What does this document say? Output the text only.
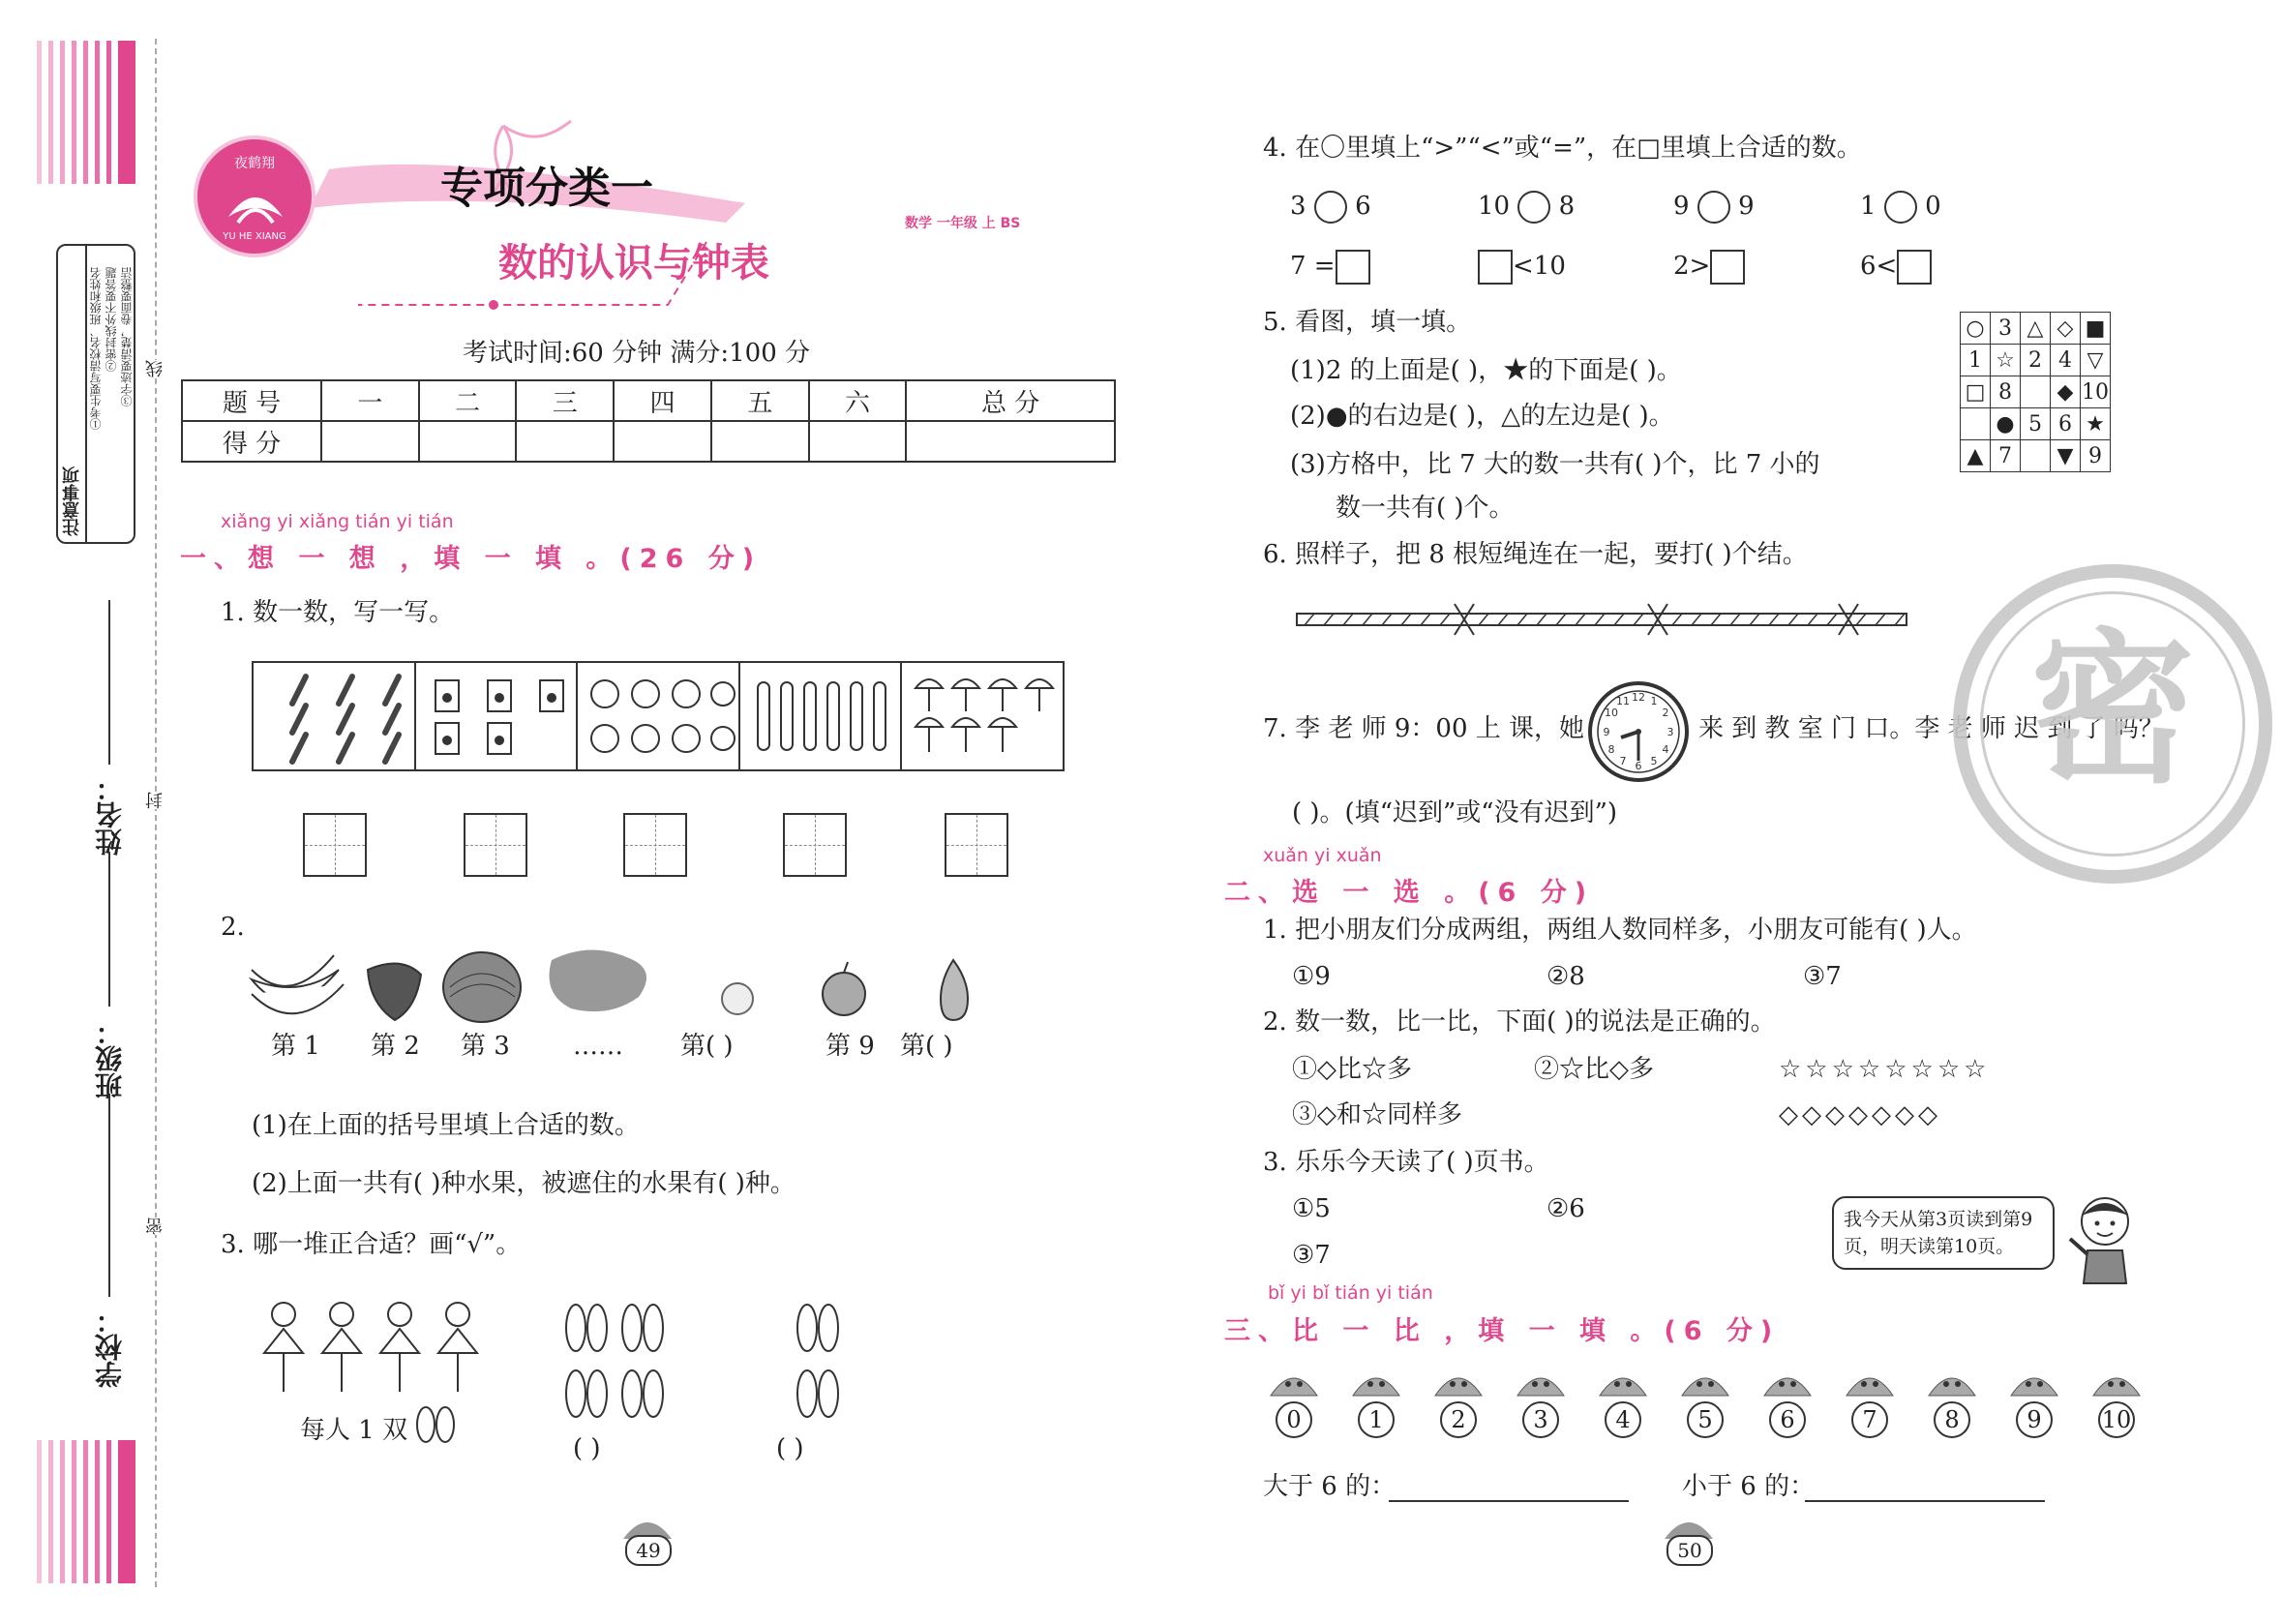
注意事项
①考生要写清校名、班级和姓名 ②密封线外不要答题 ③字迹要清楚，卷面要整洁 线
封
密
姓名：
班级：
学校：
夜鹤翔
YU HE XIANG
专项分类一
数的认识与钟表
数学 一年级 上 BS
考试时间:60 分钟 满分:100 分
题 号	一	二	三	四	五	六	总 分
得 分							
xiǎng yi xiǎng tián yi tián
一、想 一 想 ，填 一 填 。(26 分)
1. 数一数，写一写。
2.
第 1 第 2 第 3	…… 第( )	第 9 第( )
(1)在上面的括号里填上合适的数。
(2)上面一共有( )种水果，被遮住的水果有( )种。
3. 哪一堆正合适？画“√”。
每人 1 双
( )	( )
49
4. 在〇里填上“>”“<”或“=”，在□里填上合适的数。
3 6	10 8	9 9	1 0
7 =	<10	2>	6<
5. 看图，填一填。
(1)2 的上面是( )，★的下面是( )。
(2)●的右边是( )，△的左边是( )。
(3)方格中，比 7 大的数一共有( )个，比 7 小的
数一共有( )个。
○	3	△	◇	■
1	☆	2	4	▽
□	8		◆	10
	●	5	6	★
▲	7		▼	9
6. 照样子，把 8 根短绳连在一起，要打( )个结。
7. 李 老 师 9：00 上 课，她
12 1
2
3
4
5
6
7
8
9
10
11
来 到 教 室 门 口。李 老 师 迟 到 了 吗？
( )。(填“迟到”或“没有迟到”)
xuǎn yi xuǎn
二、选 一 选 。(6 分)
1. 把小朋友们分成两组，两组人数同样多，小朋友可能有( )人。
①9	②8	③7
2. 数一数，比一比，下面( )的说法是正确的。
①◇比☆多	②☆比◇多	☆☆☆☆☆☆☆☆
③◇和☆同样多	◇◇◇◇◇◇◇
3. 乐乐今天读了( )页书。
①5	②6
③7
我今天从第3页读到第9页，明天读第10页。
bǐ yi bǐ tián yi tián
三、比 一 比 ，填 一 填 。(6 分)
0	1	2	3	4	5	6	7	8	9	10
大于 6 的：	小于 6 的：
50
密
